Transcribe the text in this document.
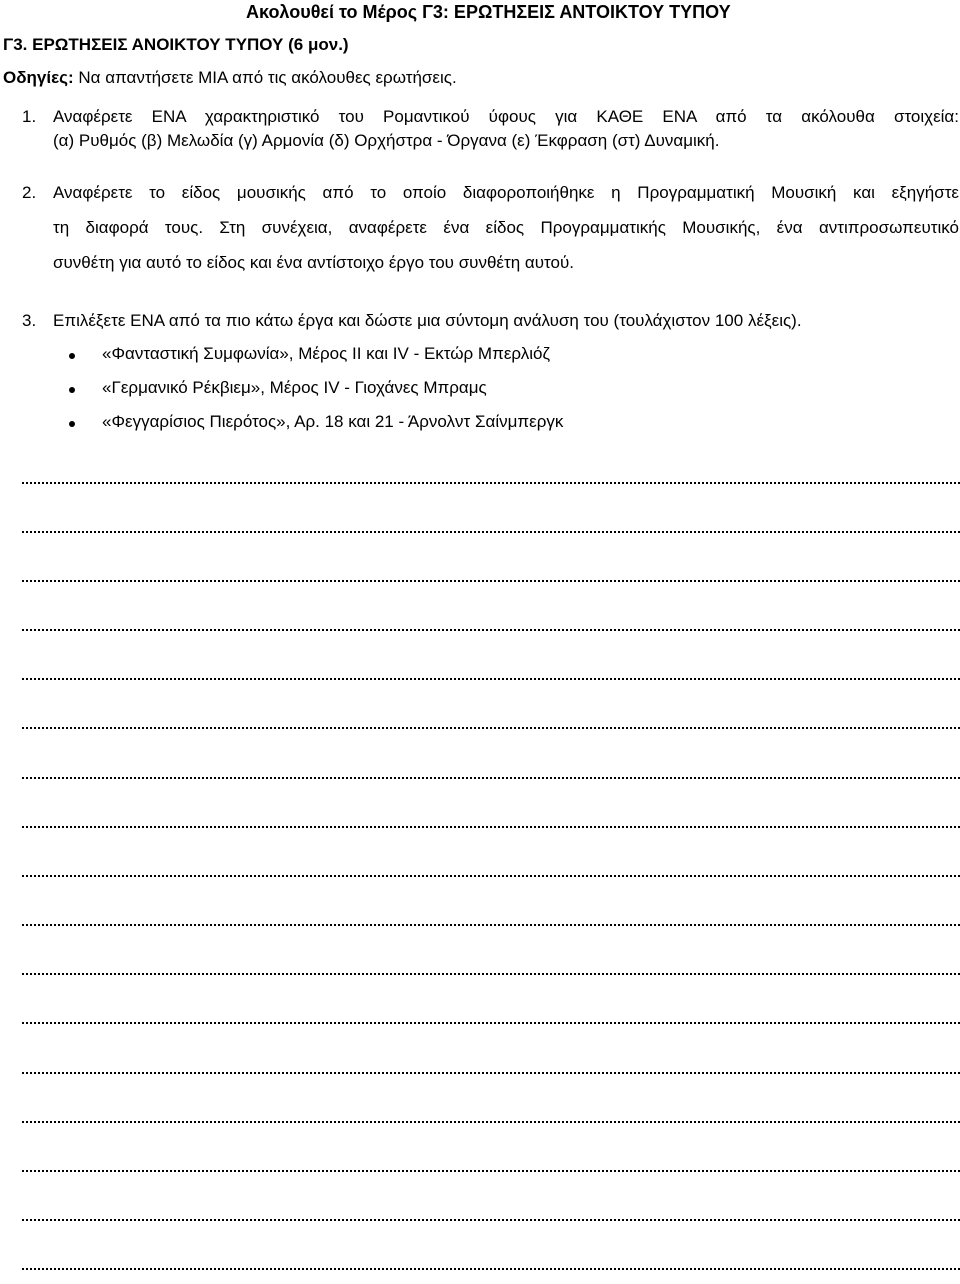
Ακολουθεί το Μέρος Γ3: ΕΡΩΤΗΣΕΙΣ ΑΝΤΟΙΚΤΟΥ ΤΥΠΟΥ
Γ3. ΕΡΩΤΗΣΕΙΣ ΑΝΟΙΚΤΟΥ ΤΥΠΟΥ (6 μον.)
Οδηγίες: Να απαντήσετε ΜΙΑ από τις ακόλουθες ερωτήσεις.
1. Αναφέρετε ΕΝΑ χαρακτηριστικό του Ρομαντικού ύφους για ΚΑΘΕ ΕΝΑ από τα ακόλουθα στοιχεία:
(α) Ρυθμός (β) Μελωδία (γ) Αρμονία (δ) Ορχήστρα - Όργανα (ε) Έκφραση (στ) Δυναμική.
2. Αναφέρετε το είδος μουσικής από το οποίο διαφοροποιήθηκε η Προγραμματική Μουσική και εξηγήστε
τη διαφορά τους. Στη συνέχεια, αναφέρετε ένα είδος Προγραμματικής Μουσικής, ένα αντιπροσωπευτικό
συνθέτη για αυτό το είδος και ένα αντίστοιχο έργο του συνθέτη αυτού.
3. Επιλέξετε ΕΝΑ από τα πιο κάτω έργα και δώστε μια σύντομη ανάλυση του (τουλάχιστον 100 λέξεις).
«Φανταστική Συμφωνία», Μέρος ΙΙ και IV - Εκτώρ Μπερλιόζ
«Γερμανικό Ρέκβιεμ», Μέρος IV - Γιοχάνες Μπραμς
«Φεγγαρίσιος Πιερότος», Αρ. 18 και 21 - Άρνολντ Σαίνμπεργκ
